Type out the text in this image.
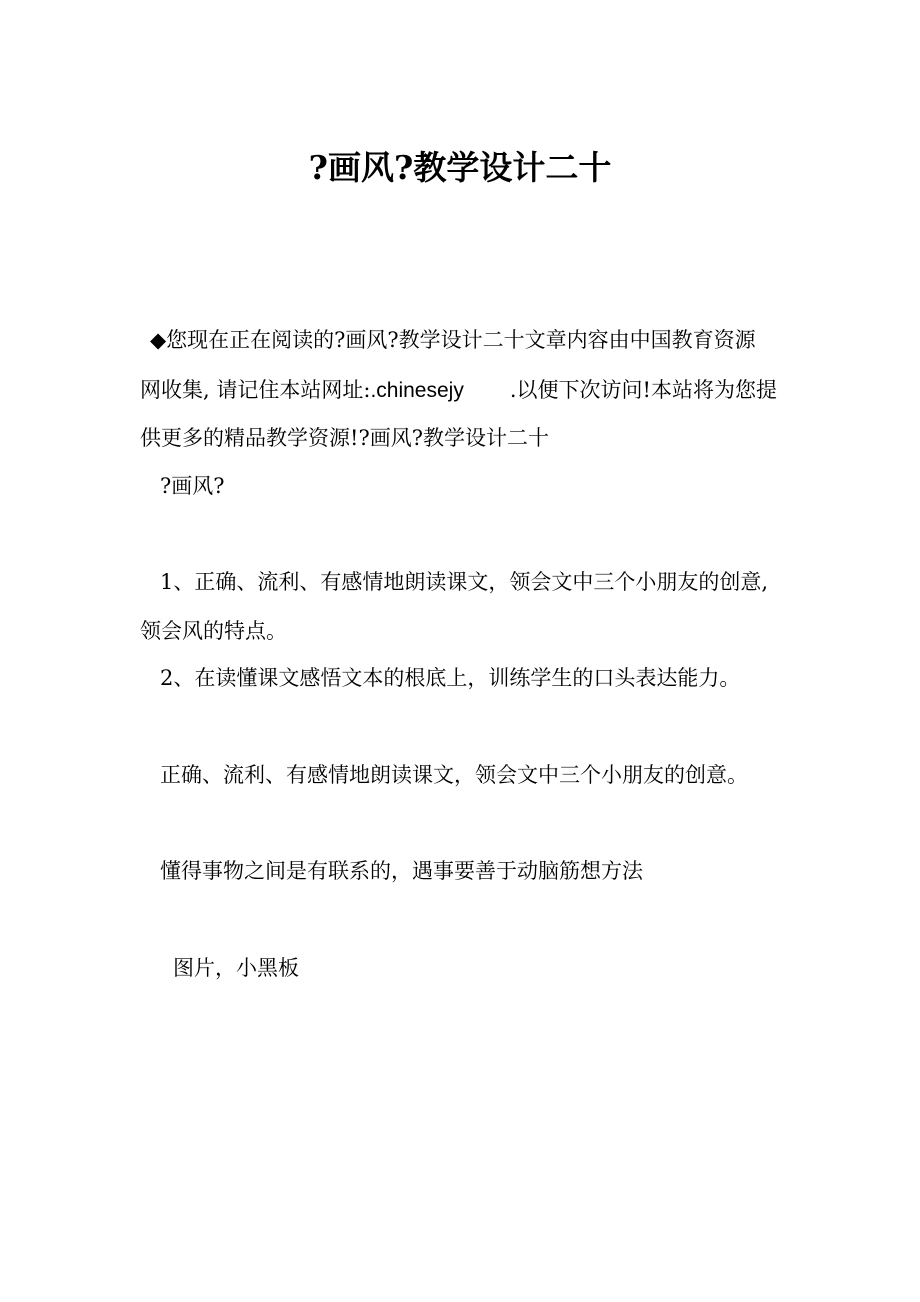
?画风?教学设计二十
◆您现在正在阅读的?画风?教学设计二十文章内容由中国教育资源
网收集, 请记住本站网址:.chinesejy .以便下次访问!本站将为您提
供更多的精品教学资源!?画风?教学设计二十
?画风?
1、正确、流利、有感情地朗读课文，领会文中三个小朋友的创意,
领会风的特点。
2、在读懂课文感悟文本的根底上，训练学生的口头表达能力。
正确、流利、有感情地朗读课文，领会文中三个小朋友的创意。
懂得事物之间是有联系的，遇事要善于动脑筋想方法
图片，小黑板
